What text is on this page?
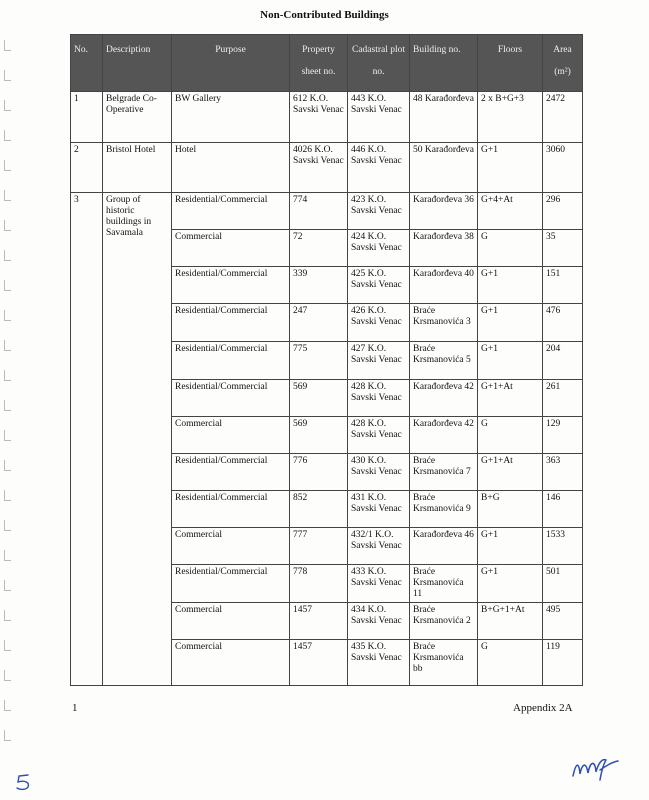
Non-Contributed Buildings
No.	Description	Purpose	Property sheet no.	Cadastral plot no.	Building no.	Floors	Area (m²)
1	Belgrade Co-Operative	BW Gallery	612 K.O. Savski Venac	443 K.O. Savski Venac	48 Karađorđeva	2 x B+G+3	2472
2	Bristol Hotel	Hotel	4026 K.O. Savski Venac	446 K.O. Savski Venac	50 Karađorđeva	G+1	3060
3	Group of historic buildings in Savamala	Residential/Commercial	774	423 K.O. Savski Venac	Karađorđeva 36	G+4+At	296
		Commercial	72	424 K.O. Savski Venac	Karađorđeva 38	G	35
		Residential/Commercial	339	425 K.O. Savski Venac	Karađorđeva 40	G+1	151
		Residential/Commercial	247	426 K.O. Savski Venac	Braće Krsmanovića 3	G+1	476
		Residential/Commercial	775	427 K.O. Savski Venac	Braće Krsmanovića 5	G+1	204
		Residential/Commercial	569	428 K.O. Savski Venac	Karađorđeva 42	G+1+At	261
		Commercial	569	428 K.O. Savski Venac	Karađorđeva 42	G	129
		Residential/Commercial	776	430 K.O. Savski Venac	Braće Krsmanovića 7	G+1+At	363
		Residential/Commercial	852	431 K.O. Savski Venac	Braće Krsmanovića 9	B+G	146
		Commercial	777	432/1 K.O. Savski Venac	Karađorđeva 46	G+1	1533
		Residential/Commercial	778	433 K.O. Savski Venac	Braće Krsmanovića 11	G+1	501
		Commercial	1457	434 K.O. Savski Venac	Braće Krsmanovića 2	B+G+1+At	495
		Commercial	1457	435 K.O. Savski Venac	Braće Krsmanovića bb	G	119
1	Appendix 2A
